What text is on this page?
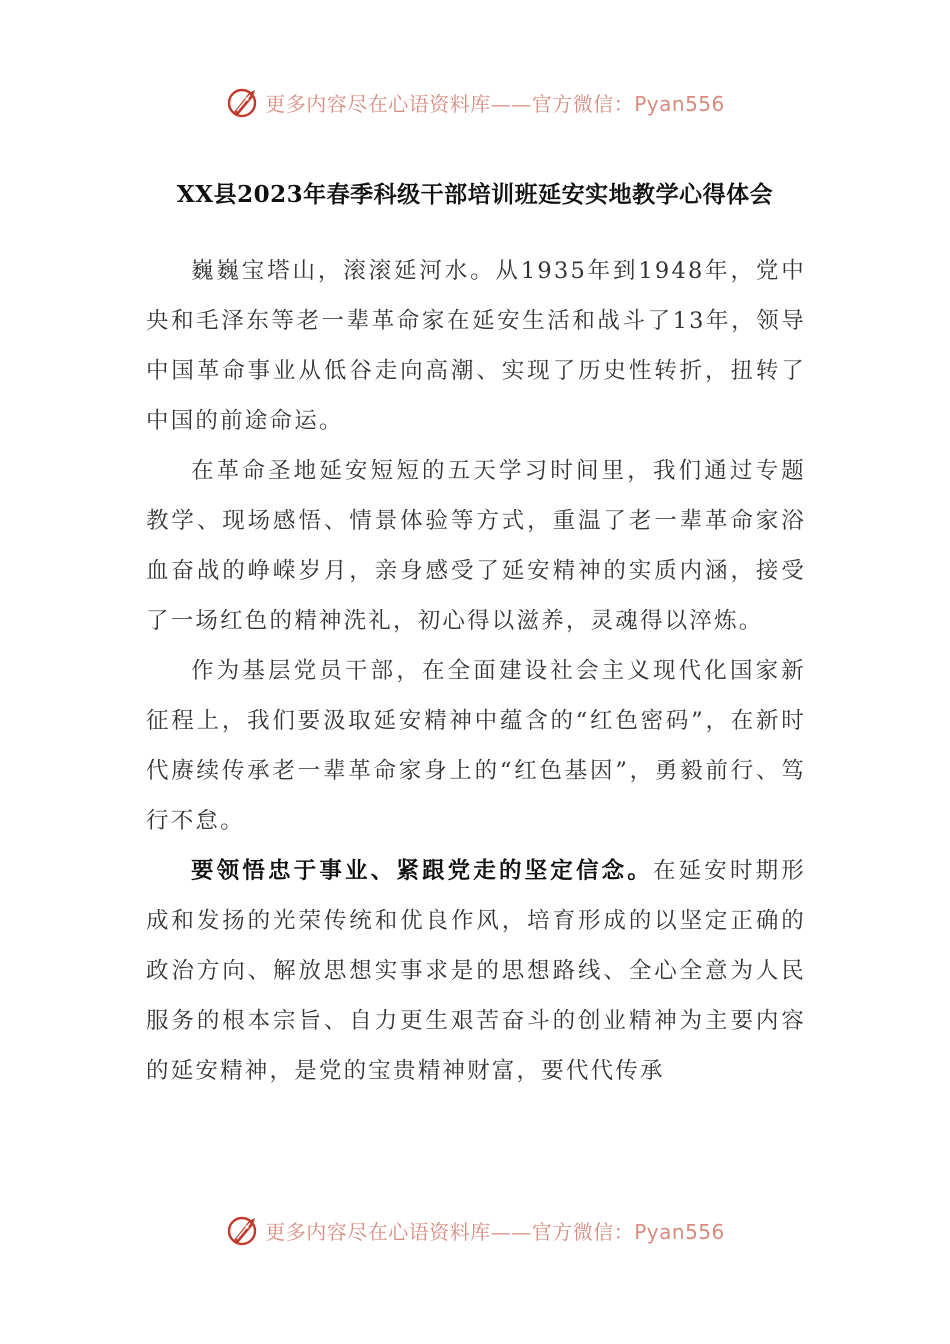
更多内容尽在心语资料库——官方微信：Pyan556
XX县2023年春季科级干部培训班延安实地教学心得体会

巍巍宝塔山，滚滚延河水。从1935年到1948年，党中央和毛泽东等老一辈革命家在延安生活和战斗了13年，领导中国革命事业从低谷走向高潮、实现了历史性转折，扭转了中国的前途命运。

在革命圣地延安短短的五天学习时间里，我们通过专题教学、现场感悟、情景体验等方式，重温了老一辈革命家浴血奋战的峥嵘岁月，亲身感受了延安精神的实质内涵，接受了一场红色的精神洗礼，初心得以滋养，灵魂得以淬炼。

作为基层党员干部，在全面建设社会主义现代化国家新征程上，我们要汲取延安精神中蕴含的“红色密码”，在新时代赓续传承老一辈革命家身上的“红色基因”，勇毅前行、笃行不怠。

要领悟忠于事业、紧跟党走的坚定信念。在延安时期形成和发扬的光荣传统和优良作风，培育形成的以坚定正确的政治方向、解放思想实事求是的思想路线、全心全意为人民服务的根本宗旨、自力更生艰苦奋斗的创业精神为主要内容的延安精神，是党的宝贵精神财富，要代代传承

更多内容尽在心语资料库——官方微信：Pyan556
